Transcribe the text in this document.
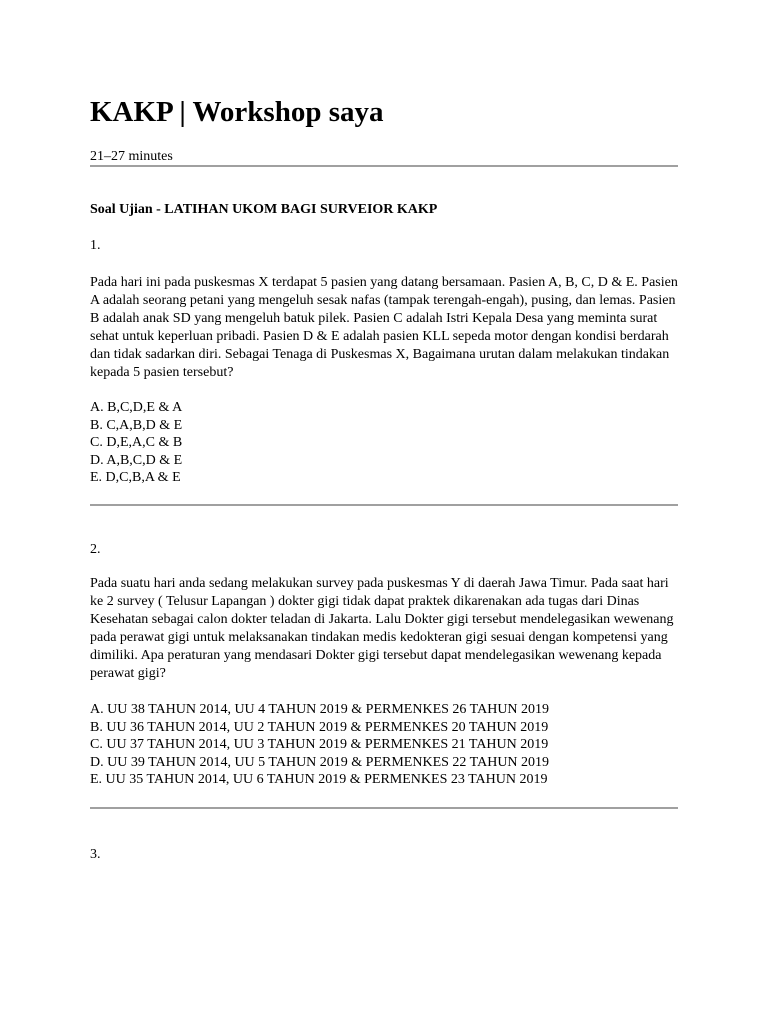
KAKP | Workshop saya
21–27 minutes
Soal Ujian - LATIHAN UKOM BAGI SURVEIOR KAKP
1.
Pada hari ini pada puskesmas X terdapat 5 pasien yang datang bersamaan. Pasien A, B, C, D & E. Pasien A adalah seorang petani yang mengeluh sesak nafas (tampak terengah-engah), pusing, dan lemas. Pasien B adalah anak SD yang mengeluh batuk pilek. Pasien C adalah Istri Kepala Desa yang meminta surat sehat untuk keperluan pribadi. Pasien D & E adalah pasien KLL sepeda motor dengan kondisi berdarah dan tidak sadarkan diri. Sebagai Tenaga di Puskesmas X, Bagaimana urutan dalam melakukan tindakan kepada 5 pasien tersebut?
A. B,C,D,E & A
B. C,A,B,D & E
C. D,E,A,C & B
D. A,B,C,D & E
E. D,C,B,A & E
2.
Pada suatu hari anda sedang melakukan survey pada puskesmas Y di daerah Jawa Timur. Pada saat hari ke 2 survey ( Telusur Lapangan ) dokter gigi tidak dapat praktek dikarenakan ada tugas dari Dinas Kesehatan sebagai calon dokter teladan di Jakarta. Lalu Dokter gigi tersebut mendelegasikan wewenang pada perawat gigi untuk melaksanakan tindakan medis kedokteran gigi sesuai dengan kompetensi yang dimiliki. Apa peraturan yang mendasari Dokter gigi tersebut dapat mendelegasikan wewenang kepada perawat gigi?
A. UU 38 TAHUN 2014, UU 4 TAHUN 2019 & PERMENKES 26 TAHUN 2019
B. UU 36 TAHUN 2014, UU 2 TAHUN 2019 & PERMENKES 20 TAHUN 2019
C. UU 37 TAHUN 2014, UU 3 TAHUN 2019 & PERMENKES 21 TAHUN 2019
D. UU 39 TAHUN 2014, UU 5 TAHUN 2019 & PERMENKES 22 TAHUN 2019
E. UU 35 TAHUN 2014, UU 6 TAHUN 2019 & PERMENKES 23 TAHUN 2019
3.
